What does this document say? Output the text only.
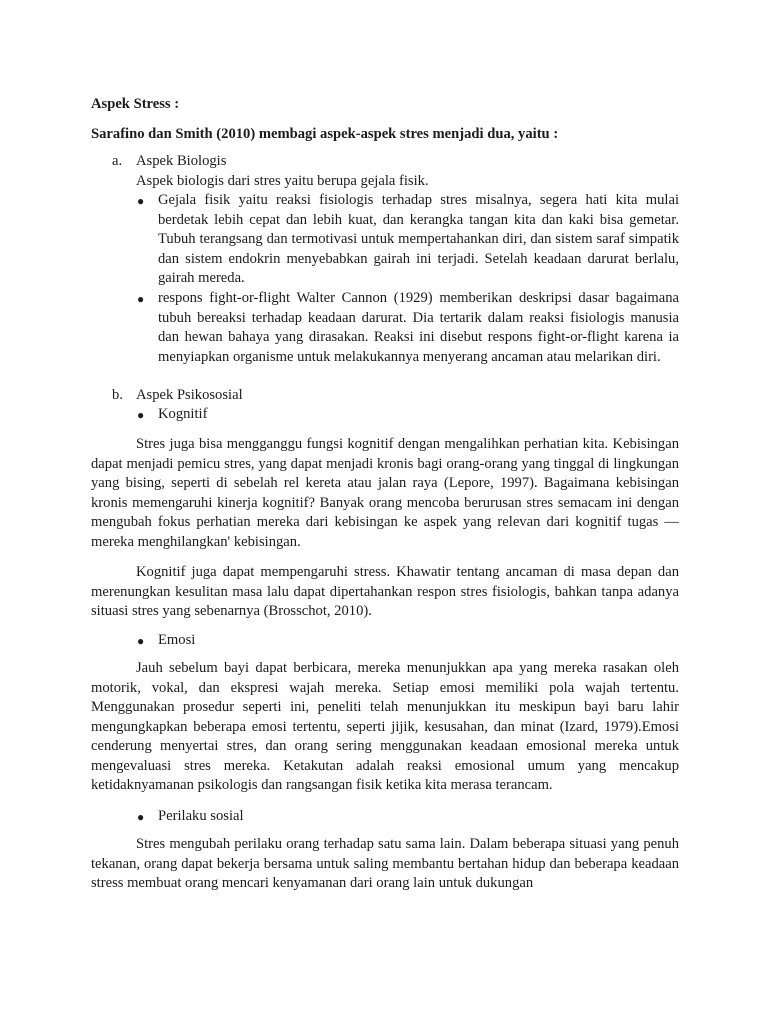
Aspek Stress :
Sarafino dan Smith (2010) membagi aspek-aspek stres menjadi dua, yaitu :
a. Aspek Biologis
Aspek biologis dari stres yaitu berupa gejala fisik.
● Gejala fisik yaitu reaksi fisiologis terhadap stres misalnya, segera hati kita mulai berdetak lebih cepat dan lebih kuat, dan kerangka tangan kita dan kaki bisa gemetar. Tubuh terangsang dan termotivasi untuk mempertahankan diri, dan sistem saraf simpatik dan sistem endokrin menyebabkan gairah ini terjadi. Setelah keadaan darurat berlalu, gairah mereda.
● respons fight-or-flight Walter Cannon (1929) memberikan deskripsi dasar bagaimana tubuh bereaksi terhadap keadaan darurat. Dia tertarik dalam reaksi fisiologis manusia dan hewan bahaya yang dirasakan. Reaksi ini disebut respons fight-or-flight karena ia menyiapkan organisme untuk melakukannya menyerang ancaman atau melarikan diri.
b. Aspek Psikososial
● Kognitif
Stres juga bisa mengganggu fungsi kognitif dengan mengalihkan perhatian kita. Kebisingan dapat menjadi pemicu stres, yang dapat menjadi kronis bagi orang-orang yang tinggal di lingkungan yang bising, seperti di sebelah rel kereta atau jalan raya (Lepore, 1997). Bagaimana kebisingan kronis memengaruhi kinerja kognitif? Banyak orang mencoba berurusan stres semacam ini dengan mengubah fokus perhatian mereka dari kebisingan ke aspek yang relevan dari kognitif tugas — mereka menghilangkan' kebisingan.
Kognitif juga dapat mempengaruhi stress. Khawatir tentang ancaman di masa depan dan merenungkan kesulitan masa lalu dapat dipertahankan respon stres fisiologis, bahkan tanpa adanya situasi stres yang sebenarnya (Brosschot, 2010).
● Emosi
Jauh sebelum bayi dapat berbicara, mereka menunjukkan apa yang mereka rasakan oleh motorik, vokal, dan ekspresi wajah mereka. Setiap emosi memiliki pola wajah tertentu. Menggunakan prosedur seperti ini, peneliti telah menunjukkan itu meskipun bayi baru lahir mengungkapkan beberapa emosi tertentu, seperti jijik, kesusahan, dan minat (Izard, 1979).Emosi cenderung menyertai stres, dan orang sering menggunakan keadaan emosional mereka untuk mengevaluasi stres mereka. Ketakutan adalah reaksi emosional umum yang mencakup ketidaknyamanan psikologis dan rangsangan fisik ketika kita merasa terancam.
● Perilaku sosial
Stres mengubah perilaku orang terhadap satu sama lain. Dalam beberapa situasi yang penuh tekanan, orang dapat bekerja bersama untuk saling membantu bertahan hidup dan beberapa keadaan stress membuat orang mencari kenyamanan dari orang lain untuk dukungan
